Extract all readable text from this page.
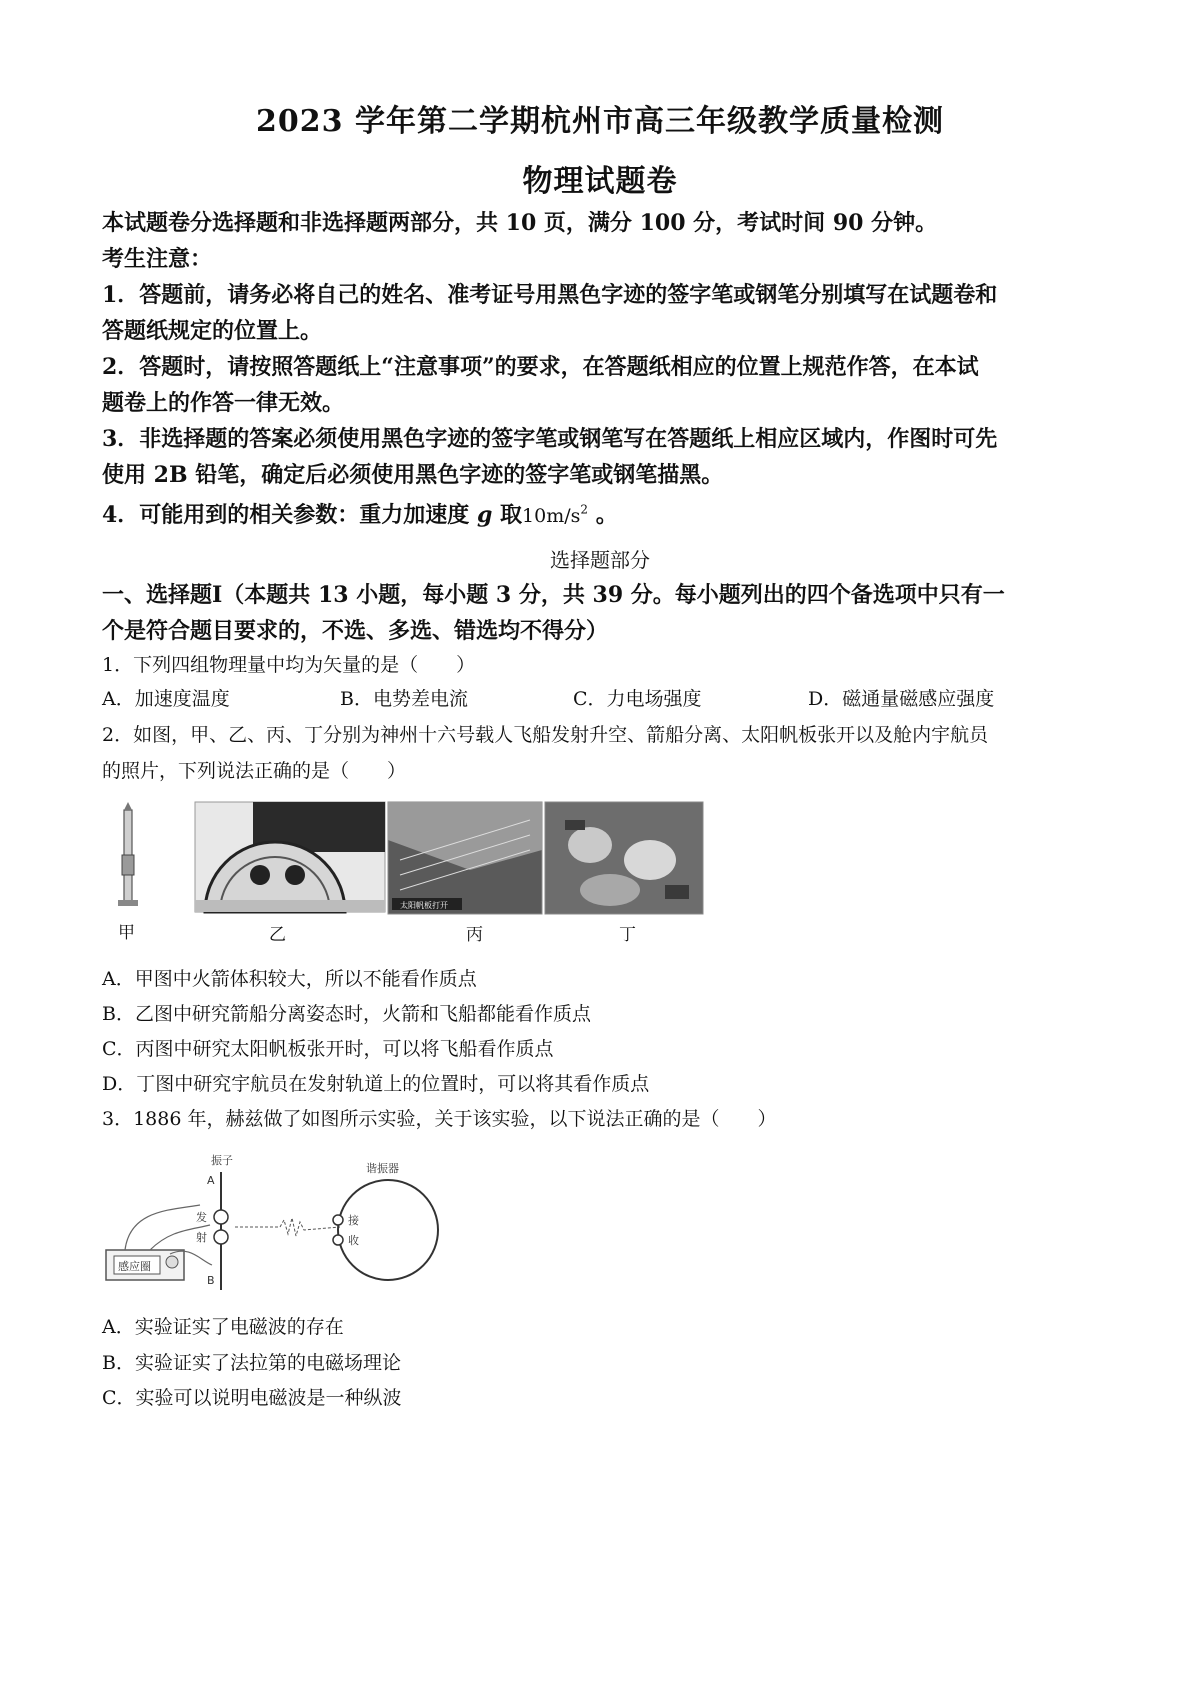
2023 学年第二学期杭州市高三年级教学质量检测
物理试题卷
本试题卷分选择题和非选择题两部分，共 10 页，满分 100 分，考试时间 90 分钟。
考生注意：
1．答题前，请务必将自己的姓名、准考证号用黑色字迹的签字笔或钢笔分别填写在试题卷和
答题纸规定的位置上。
2．答题时，请按照答题纸上“注意事项”的要求，在答题纸相应的位置上规范作答，在本试
题卷上的作答一律无效。
3．非选择题的答案必须使用黑色字迹的签字笔或钢笔写在答题纸上相应区域内，作图时可先
使用 2B 铅笔，确定后必须使用黑色字迹的签字笔或钢笔描黑。
4．可能用到的相关参数：重力加速度 g 取$10m/s^2$ 。
选择题部分
一、选择题Ⅰ（本题共 13 小题，每小题 3 分，共 39 分。每小题列出的四个备选项中只有一
个是符合题目要求的，不选、多选、错选均不得分）
1．下列四组物理量中均为矢量的是（　　）
A．加速度温度	B．电势差电流	C．力电场强度	D．磁通量磁感应强度
2．如图，甲、乙、丙、丁分别为神州十六号载人飞船发射升空、箭船分离、太阳帆板张开以及舱内宇航员
的照片，下列说法正确的是（　　）
太阳帆板打开
甲	乙	丙	丁
A．甲图中火箭体积较大，所以不能看作质点
B．乙图中研究箭船分离姿态时，火箭和飞船都能看作质点
C．丙图中研究太阳帆板张开时，可以将飞船看作质点
D．丁图中研究宇航员在发射轨道上的位置时，可以将其看作质点
3．1886 年，赫兹做了如图所示实验，关于该实验，以下说法正确的是（　　）
感应圈
振子
A
B
发
射
接
收
谐振器
A．实验证实了电磁波的存在
B．实验证实了法拉第的电磁场理论
C．实验可以说明电磁波是一种纵波
